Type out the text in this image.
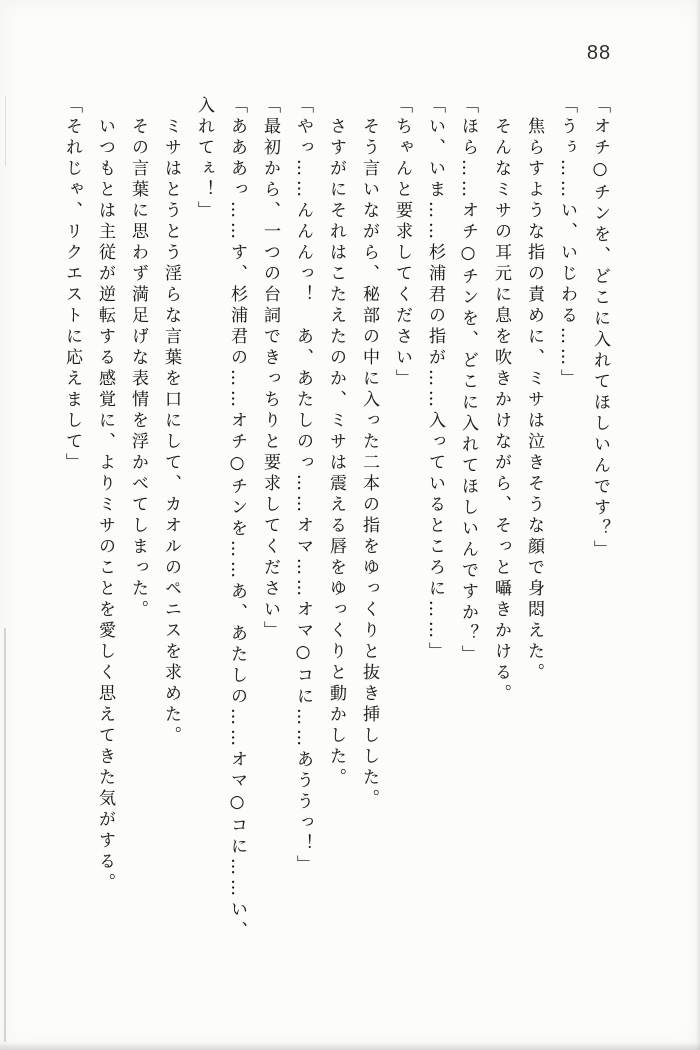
88

「オチ○チンを、どこに入れてほしいんです？」

「うぅ……い、いじわる……」

焦らすような指の責めに、ミサは泣きそうな顔で身悶えた。

そんなミサの耳元に息を吹きかけながら、そっと囁きかける。

「ほら……オチ○チンを、どこに入れてほしいんですか？」

「い、いま……杉浦君の指が……入っているところに……」

「ちゃんと要求してください」

そう言いながら、秘部の中に入った二本の指をゆっくりと抜き挿しした。

さすがにそれはこたえたのか、ミサは震える唇をゆっくりと動かした。

「やっ……んんんっ！　あ、あたしのっ……オマ……オマ○コに……あううっ！」

「最初から、一つの台詞できっちりと要求してください」

「あああっ……す、杉浦君の……オチ○チンを……あ、あたしの……オマ○コに……い、

入れてぇ！」

ミサはとうとう淫らな言葉を口にして、カオルのペニスを求めた。

その言葉に思わず満足げな表情を浮かべてしまった。

いつもとは主従が逆転する感覚に、よりミサのことを愛しく思えてきた気がする。

「それじゃ、リクエストに応えまして」
